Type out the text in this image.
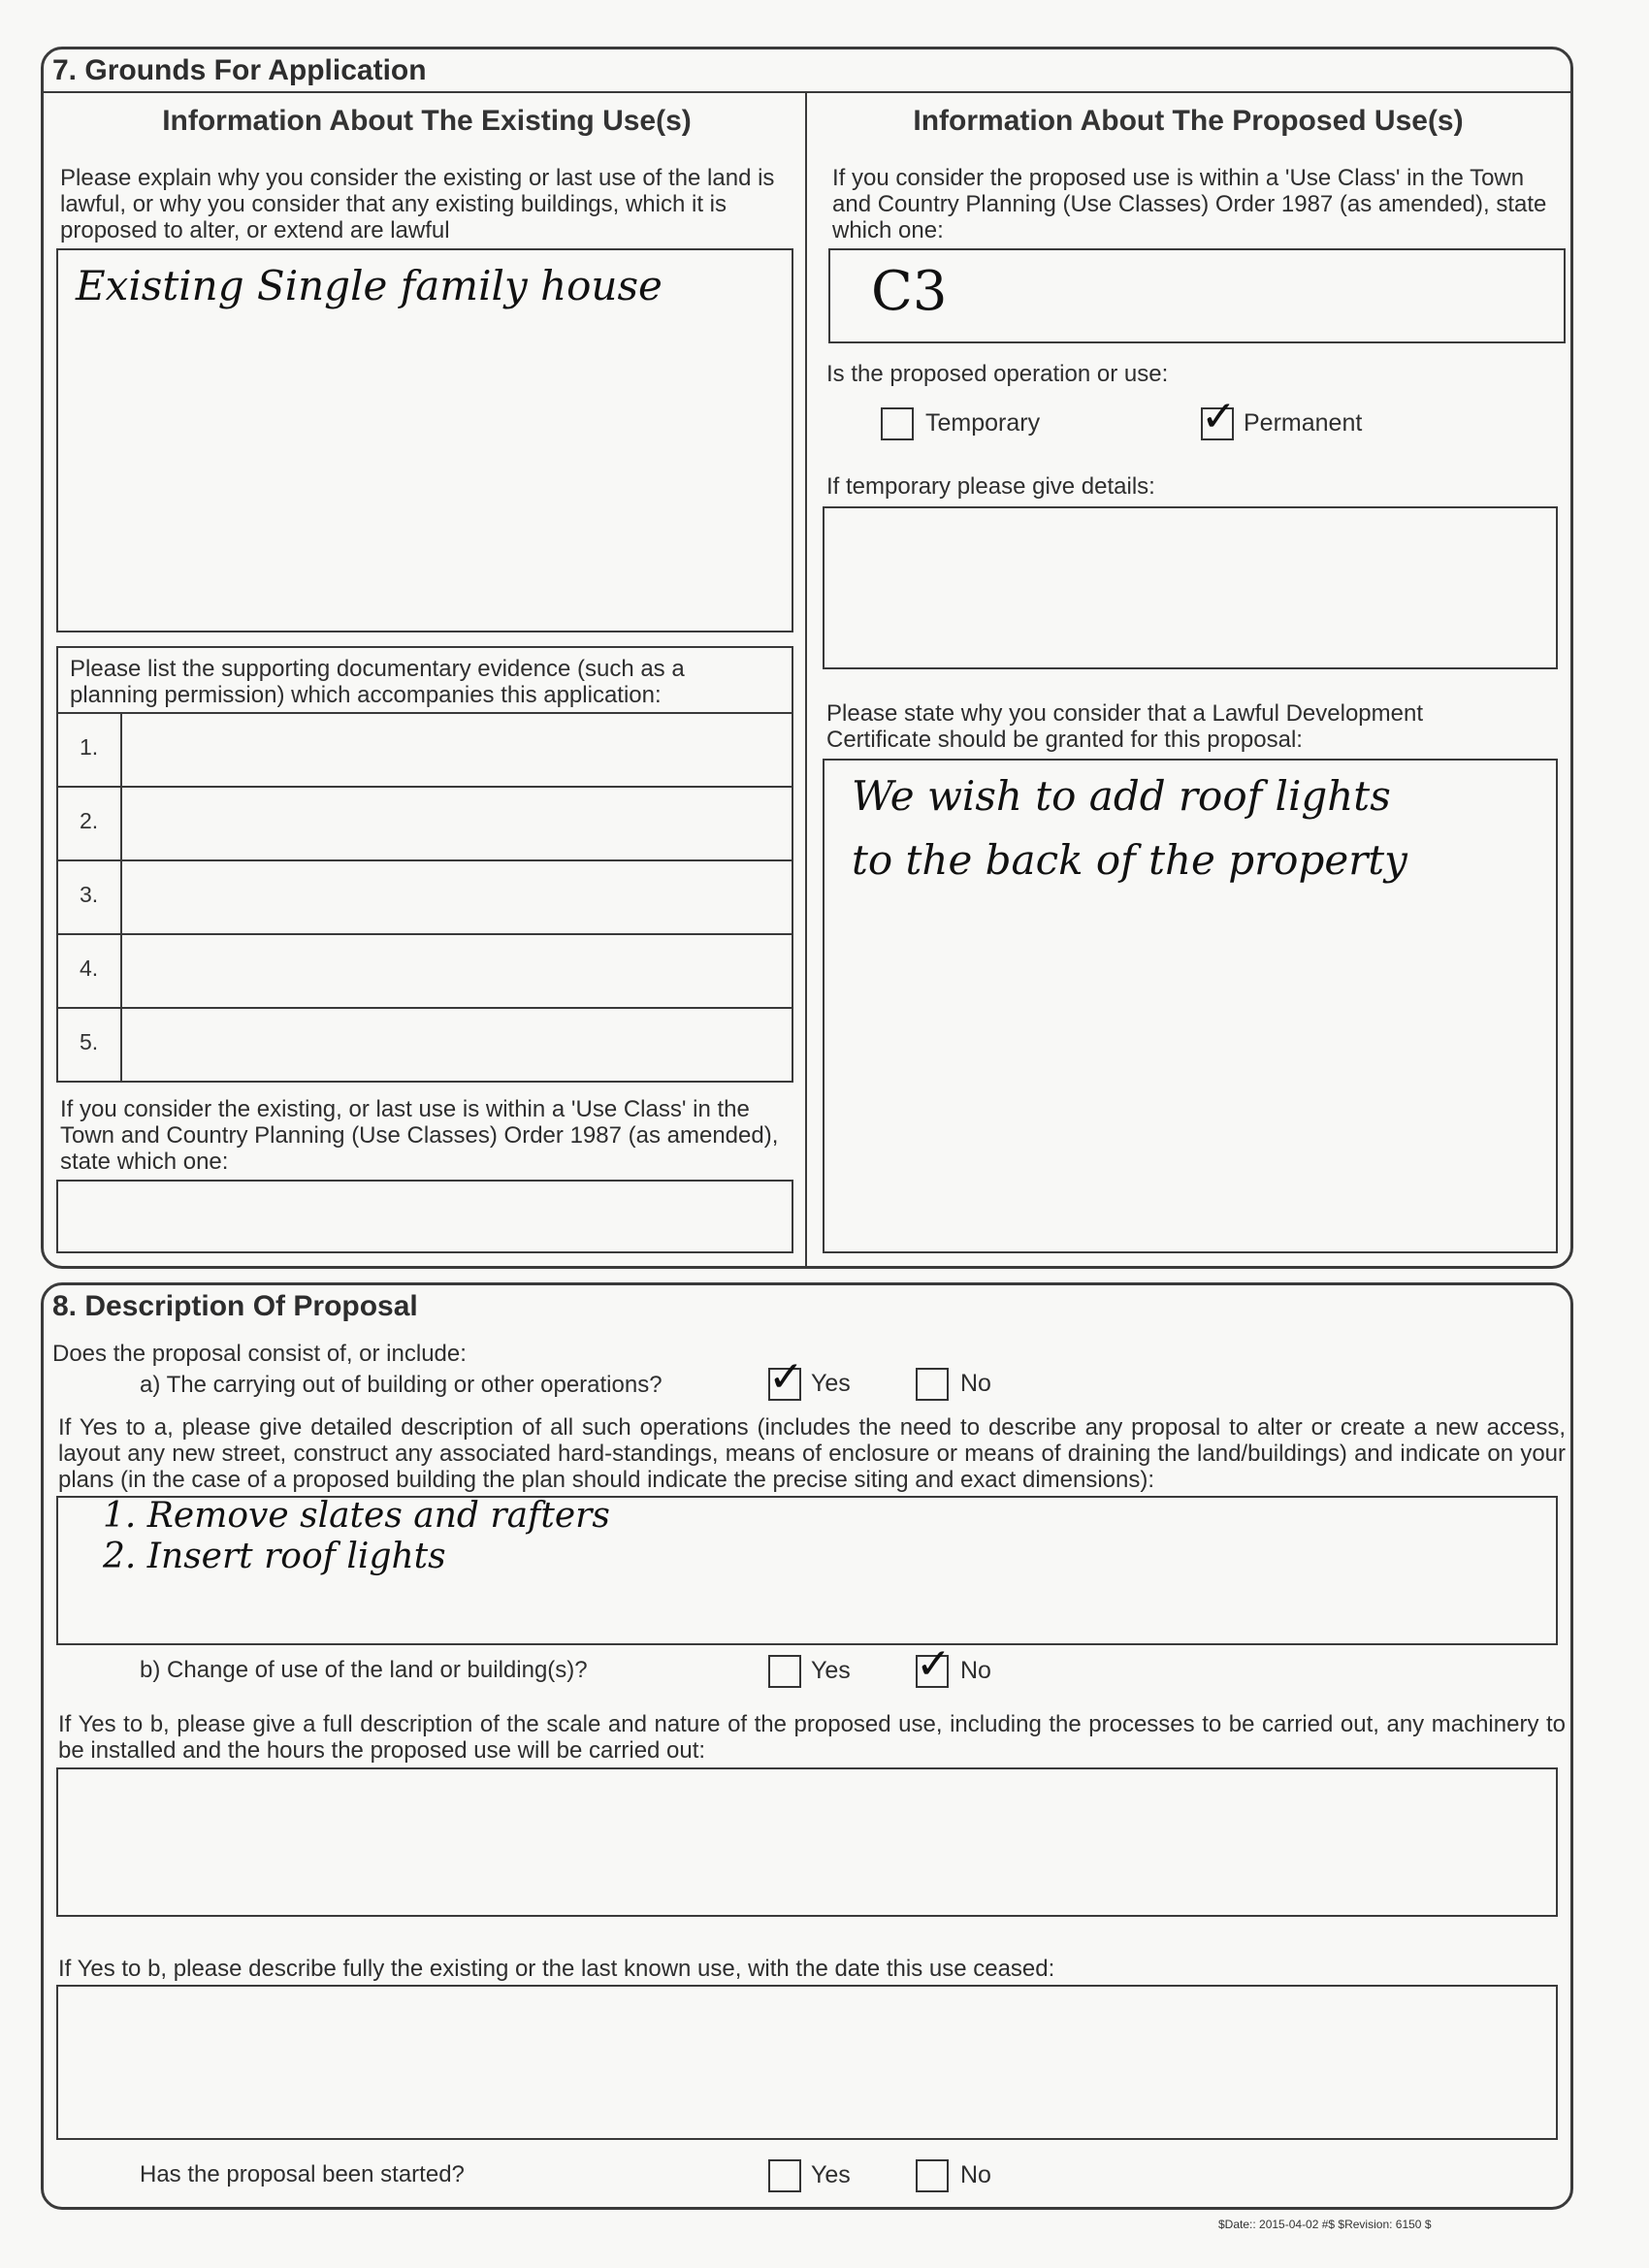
7. Grounds For Application
Information About The Existing Use(s)
Please explain why you consider the existing or last use of the land is lawful, or why you consider that any existing buildings, which it is proposed to alter, or extend are lawful
Existing Single family house
Please list the supporting documentary evidence (such as a planning permission) which accompanies this application:
1.
2.
3.
4.
5.
If you consider the existing, or last use is within a 'Use Class' in the Town and Country Planning (Use Classes) Order 1987 (as amended), state which one:
Information About The Proposed Use(s)
If you consider the proposed use is within a 'Use Class' in the Town and Country Planning (Use Classes) Order 1987 (as amended), state which one:
C3
Is the proposed operation or use:
Temporary	✓ Permanent
If temporary please give details:
Please state why you consider that a Lawful Development Certificate should be granted for this proposal:
We wish to add roof lights
to the back of the property
8. Description Of Proposal
Does the proposal consist of, or include:
a) The carrying out of building or other operations? ✓ Yes	No
If Yes to a, please give detailed description of all such operations (includes the need to describe any proposal to alter or create a new access, layout any new street, construct any associated hard-standings, means of enclosure or means of draining the land/buildings) and indicate on your plans (in the case of a proposed building the plan should indicate the precise siting and exact dimensions):
1. Remove slates and rafters
2. Insert roof lights
b) Change of use of the land or building(s)?	Yes ✓ No
If Yes to b, please give a full description of the scale and nature of the proposed use, including the processes to be carried out, any machinery to be installed and the hours the proposed use will be carried out:
If Yes to b, please describe fully the existing or the last known use, with the date this use ceased:
Has the proposal been started?	Yes	No
$Date:: 2015-04-02 #$ $Revision: 6150 $
